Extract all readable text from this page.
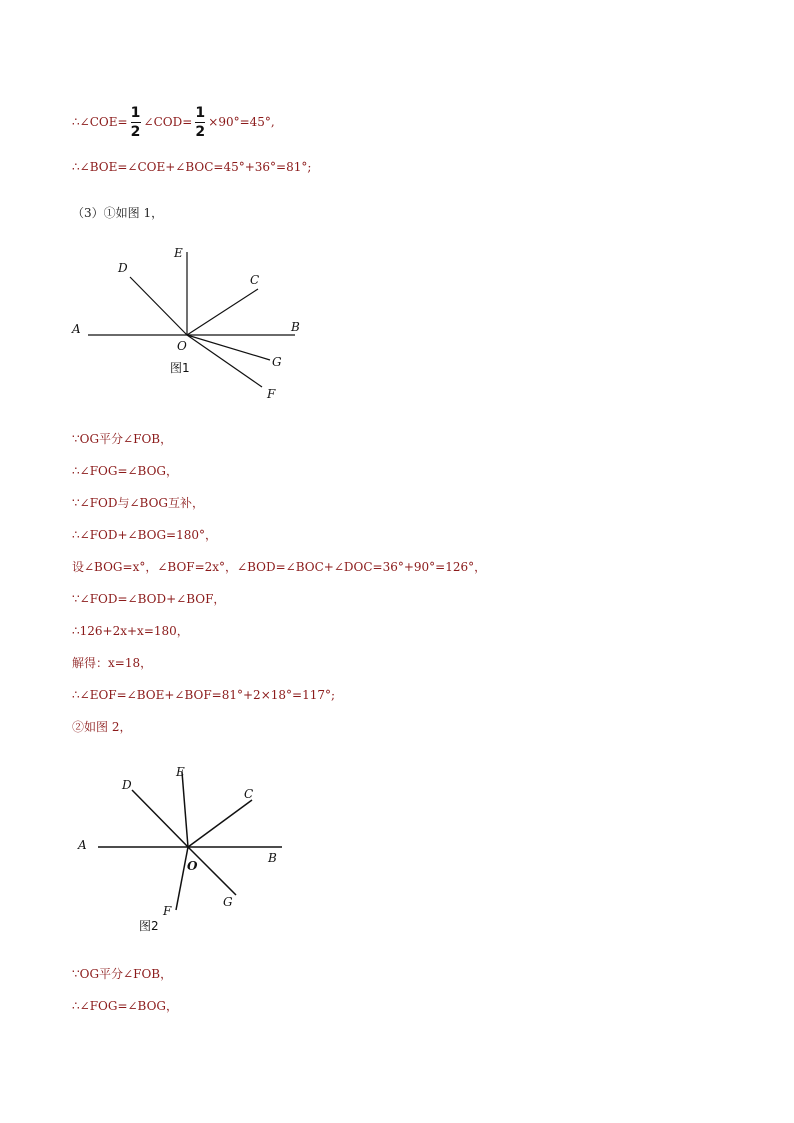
∴∠COE= $\frac{1}{2}$ ∠COD= $\frac{1}{2} \times 90^\circ=45^\circ$,
∴∠BOE=∠COE+∠BOC=45°+36°=81°;
（3）①如图 1，
A	B
C
D
E
F
G
O
图1
∵OG平分∠FOB，
∴∠FOG=∠BOG，
∵∠FOD与∠BOG互补，
∴∠FOD+∠BOG=180°，
设∠BOG=x°，∠BOF=2x°，∠BOD=∠BOC+∠DOC=36°+90°=126°，
∵∠FOD=∠BOD+∠BOF，
∴126+2x+x=180，
解得：x=18，
∴∠EOF=∠BOE+∠BOF=81°+2×18°=117°;
②如图 2，
A
B
C
D
E
F
G
O
图2
∵OG平分∠FOB，
∴∠FOG=∠BOG，
